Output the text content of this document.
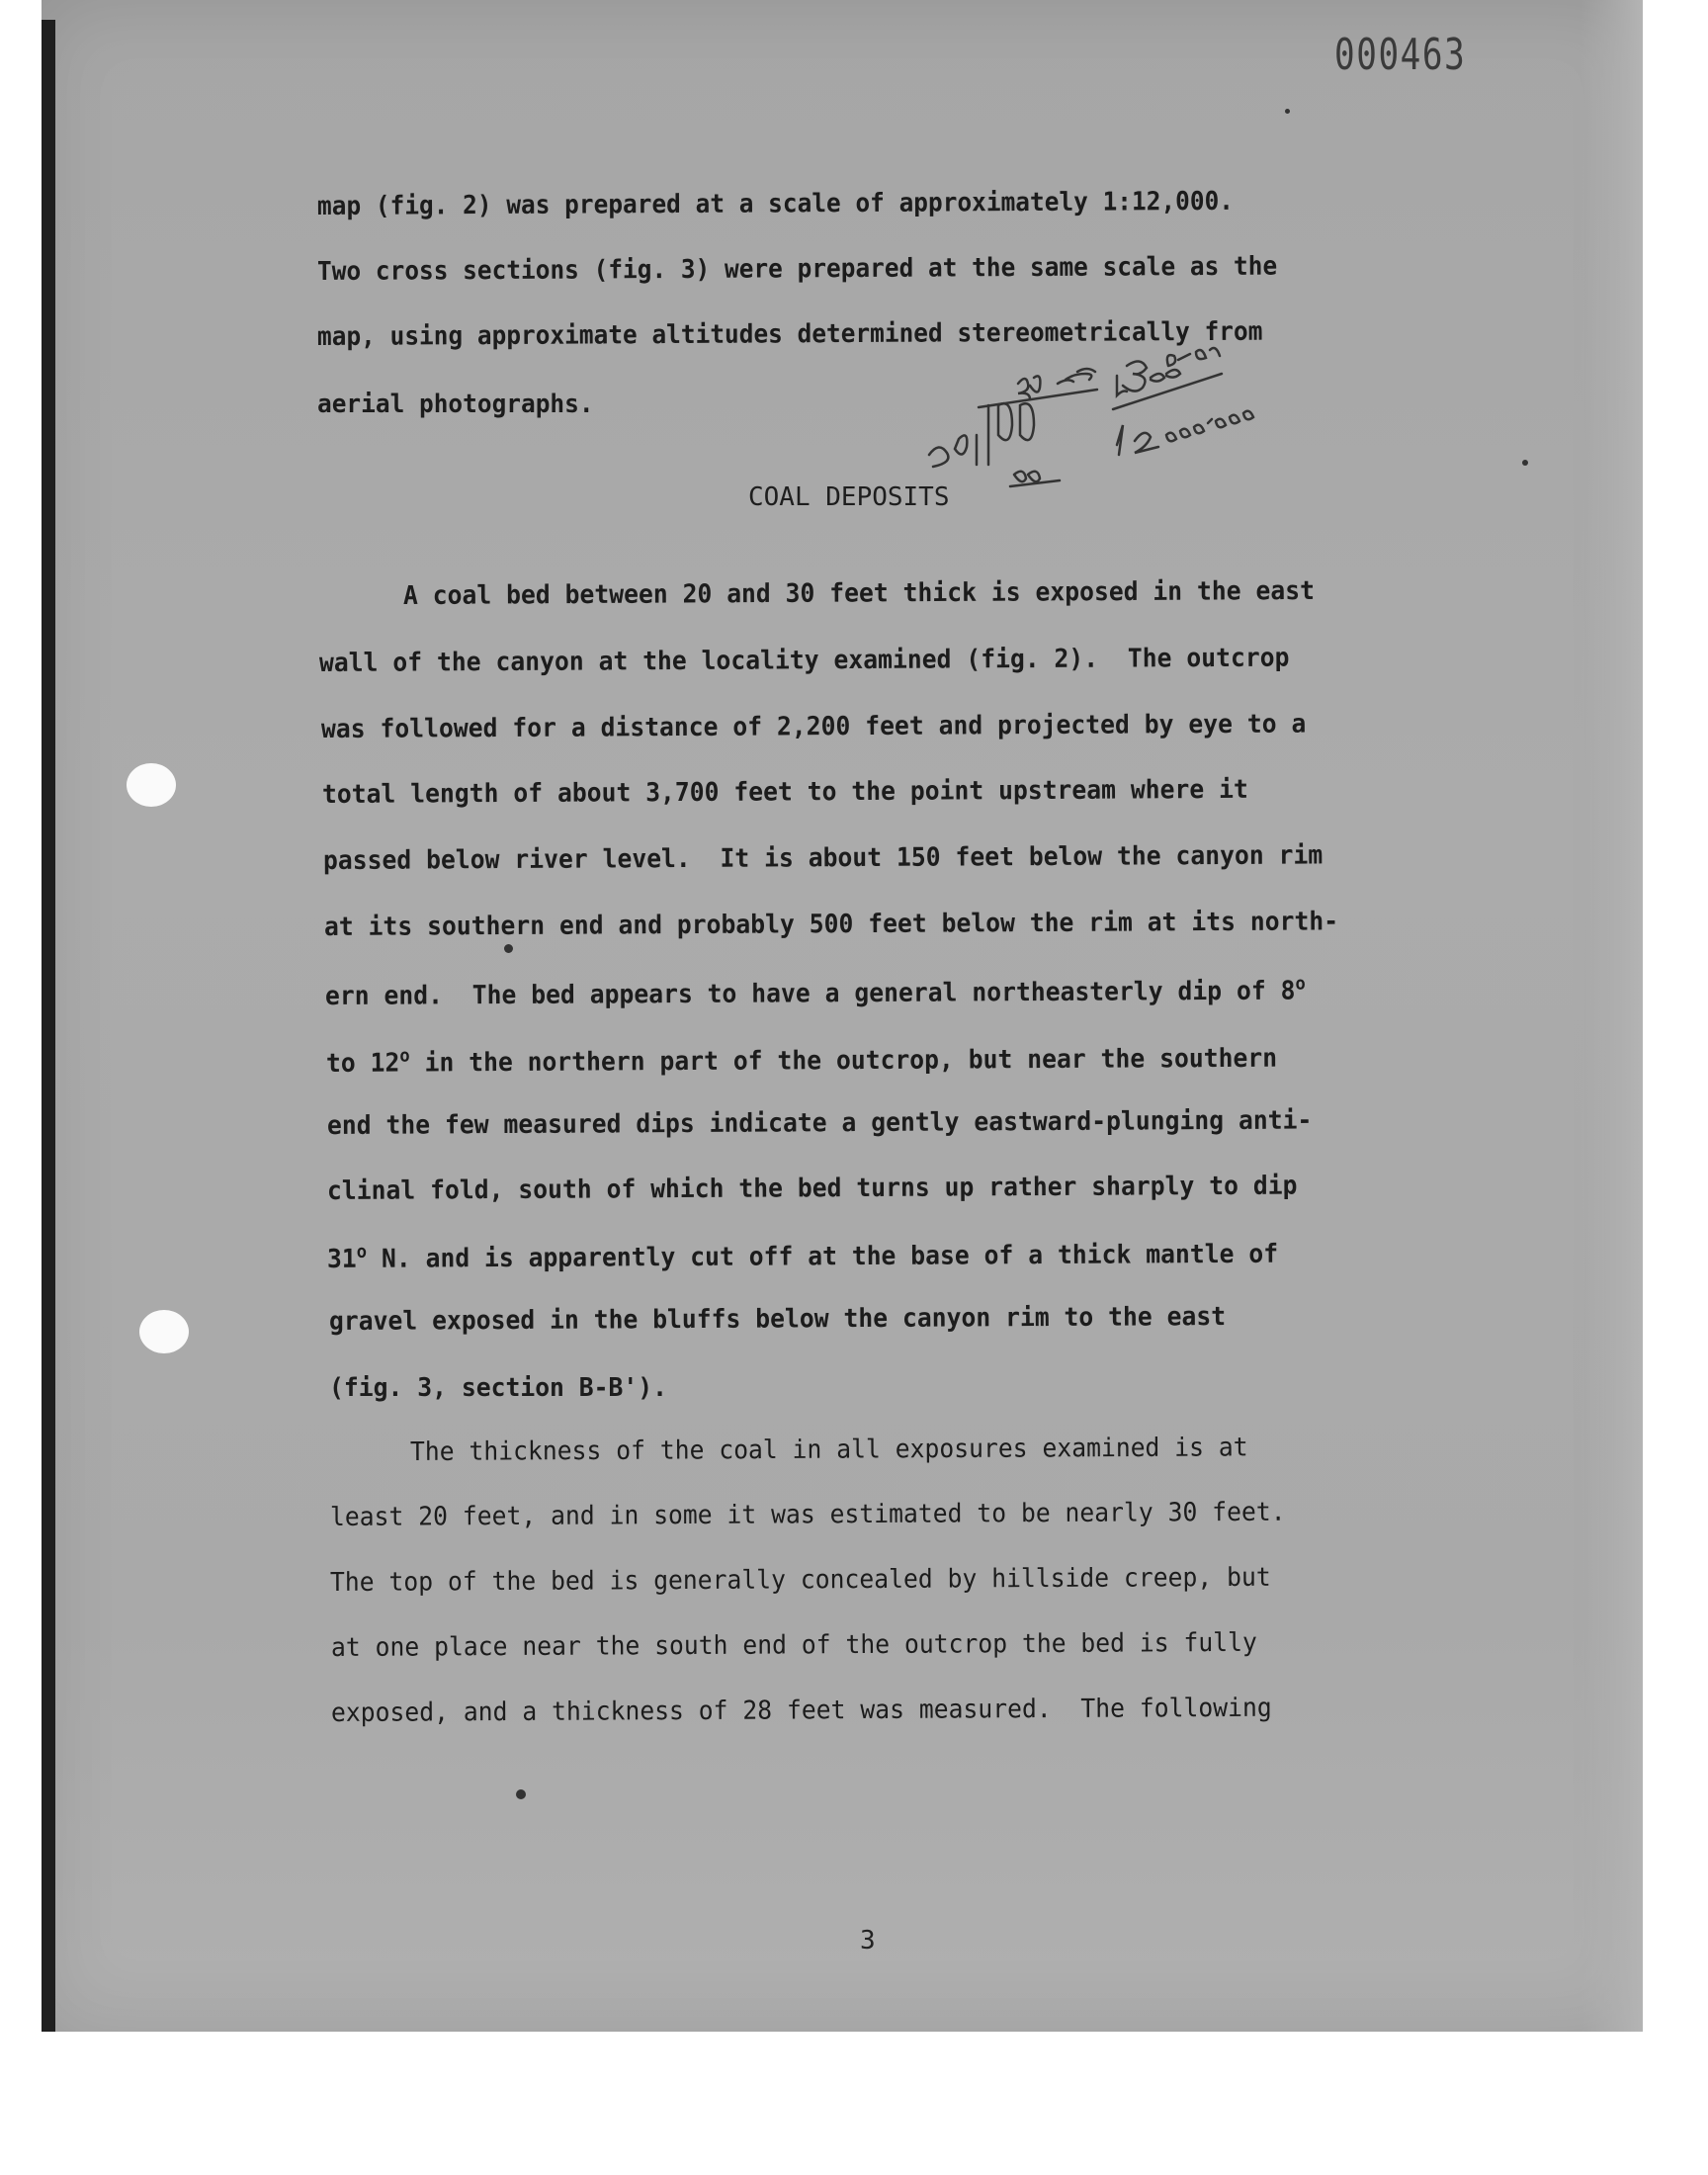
000463
map (fig. 2) was prepared at a scale of approximately 1:12,000.
Two cross sections (fig. 3) were prepared at the same scale as the
map, using approximate altitudes determined stereometrically from
aerial photographs.
COAL DEPOSITS
A coal bed between 20 and 30 feet thick is exposed in the east
wall of the canyon at the locality examined (fig. 2).  The outcrop
was followed for a distance of 2,200 feet and projected by eye to a
total length of about 3,700 feet to the point upstream where it
passed below river level.  It is about 150 feet below the canyon rim
at its southern end and probably 500 feet below the rim at its north-
ern end.  The bed appears to have a general northeasterly dip of 8$^o$
to 12$^o$ in the northern part of the outcrop, but near the southern
end the few measured dips indicate a gently eastward-plunging anti-
clinal fold, south of which the bed turns up rather sharply to dip
31$^o$ N. and is apparently cut off at the base of a thick mantle of
gravel exposed in the bluffs below the canyon rim to the east
(fig. 3, section B-B').
The thickness of the coal in all exposures examined is at
least 20 feet, and in some it was estimated to be nearly 30 feet.
The top of the bed is generally concealed by hillside creep, but
at one place near the south end of the outcrop the bed is fully
exposed, and a thickness of 28 feet was measured.  The following
3
